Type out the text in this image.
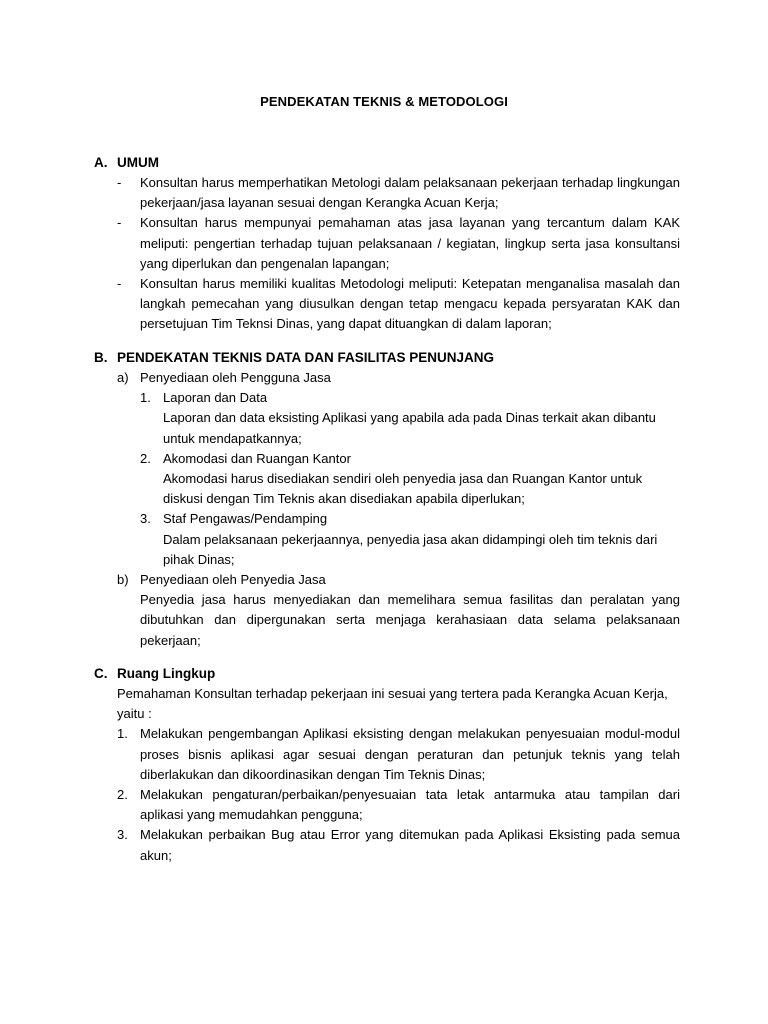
PENDEKATAN TEKNIS & METODOLOGI
A. UMUM
-	Konsultan harus memperhatikan Metologi dalam pelaksanaan pekerjaan terhadap lingkungan pekerjaan/jasa layanan sesuai dengan Kerangka Acuan Kerja;
-	Konsultan harus mempunyai pemahaman atas jasa layanan yang tercantum dalam KAK meliputi: pengertian terhadap tujuan pelaksanaan / kegiatan, lingkup serta jasa konsultansi yang diperlukan dan pengenalan lapangan;
-	Konsultan harus memiliki kualitas Metodologi meliputi: Ketepatan menganalisa masalah dan langkah pemecahan yang diusulkan dengan tetap mengacu kepada persyaratan KAK dan persetujuan Tim Teknsi Dinas, yang dapat dituangkan di dalam laporan;
B. PENDEKATAN TEKNIS DATA DAN FASILITAS PENUNJANG
a) Penyediaan oleh Pengguna Jasa
1. Laporan dan Data
Laporan dan data eksisting Aplikasi yang apabila ada pada Dinas terkait akan dibantu untuk mendapatkannya;
2. Akomodasi dan Ruangan Kantor
Akomodasi harus disediakan sendiri oleh penyedia jasa dan Ruangan Kantor untuk diskusi dengan Tim Teknis akan disediakan apabila diperlukan;
3. Staf Pengawas/Pendamping
Dalam pelaksanaan pekerjaannya, penyedia jasa akan didampingi oleh tim teknis dari pihak Dinas;
b) Penyediaan oleh Penyedia Jasa
Penyedia jasa harus menyediakan dan memelihara semua fasilitas dan peralatan yang dibutuhkan dan dipergunakan serta menjaga kerahasiaan data selama pelaksanaan pekerjaan;
C. Ruang Lingkup
Pemahaman Konsultan terhadap pekerjaan ini sesuai yang tertera pada Kerangka Acuan Kerja, yaitu :
1. Melakukan pengembangan Aplikasi eksisting dengan melakukan penyesuaian modul-modul proses bisnis aplikasi agar sesuai dengan peraturan dan petunjuk teknis yang telah diberlakukan dan dikoordinasikan dengan Tim Teknis Dinas;
2. Melakukan pengaturan/perbaikan/penyesuaian tata letak antarmuka atau tampilan dari aplikasi yang memudahkan pengguna;
3. Melakukan perbaikan Bug atau Error yang ditemukan pada Aplikasi Eksisting pada semua akun;
